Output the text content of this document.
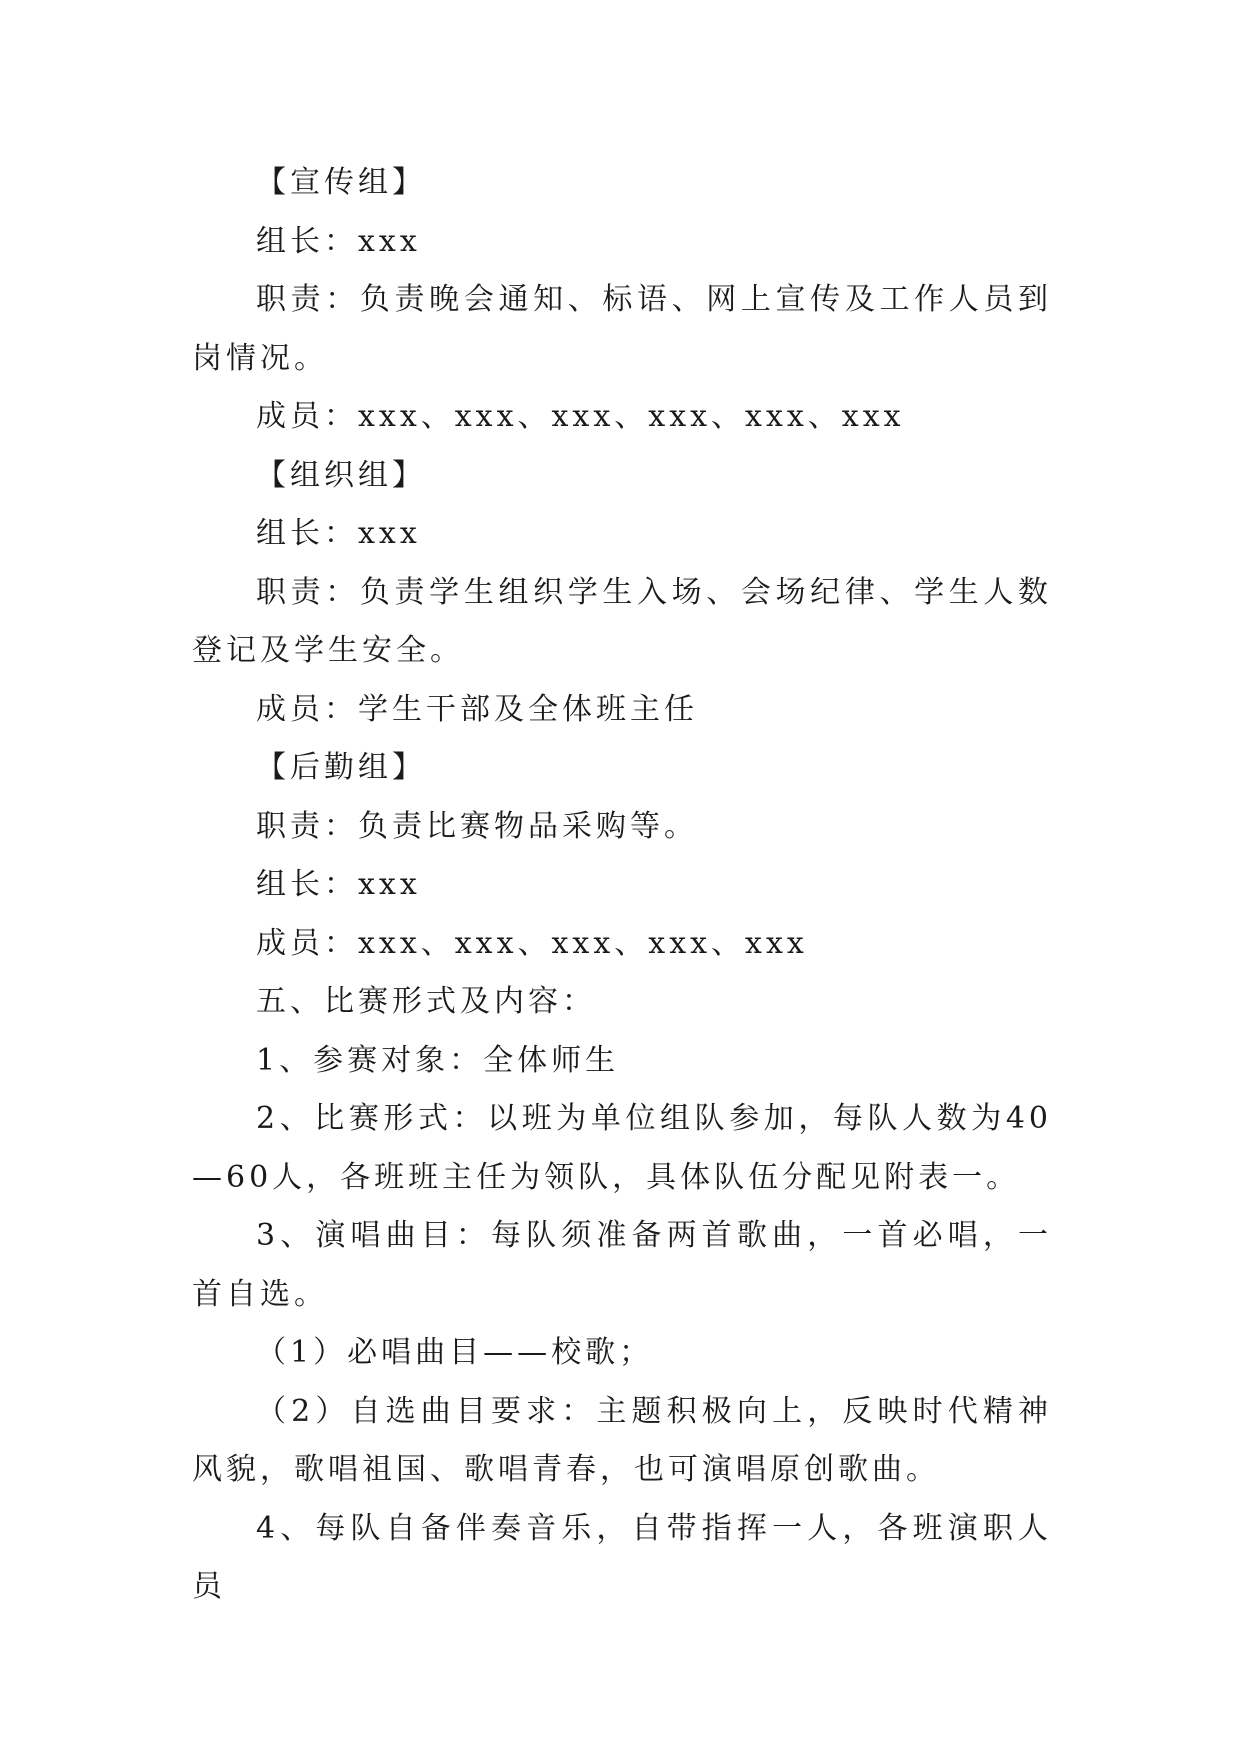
【宣传组】

组长：xxx

职责：负责晚会通知、标语、网上宣传及工作人员到岗情况。

成员：xxx、xxx、xxx、xxx、xxx、xxx

【组织组】

组长：xxx

职责：负责学生组织学生入场、会场纪律、学生人数登记及学生安全。

成员：学生干部及全体班主任

【后勤组】

职责：负责比赛物品采购等。

组长：xxx

成员：xxx、xxx、xxx、xxx、xxx

五、比赛形式及内容：

1、参赛对象：全体师生

2、比赛形式：以班为单位组队参加，每队人数为40—60人，各班班主任为领队，具体队伍分配见附表一。

3、演唱曲目：每队须准备两首歌曲，一首必唱，一首自选。

（1）必唱曲目——校歌；

（2）自选曲目要求：主题积极向上，反映时代精神风貌，歌唱祖国、歌唱青春，也可演唱原创歌曲。

4、每队自备伴奏音乐，自带指挥一人，各班演职人员
